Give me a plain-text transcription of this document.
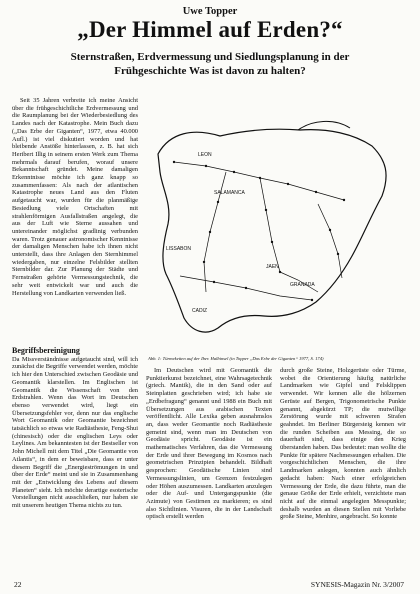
Uwe Topper
„Der Himmel auf Erden?“
Sternstraßen, Erdvermessung und Siedlungsplanung in der Frühgeschichte Was ist davon zu halten?

Seit 35 Jahren verbreite ich meine Ansicht über die frühgeschichtliche Erdvermessung und die Raumplanung bei der Wiederbesiedlung des Landes nach der Katastrophe. Mein Buch dazu („Das Erbe der Giganten“, 1977, etwa 40.000 Aufl.) ist viel diskutiert worden und hat bleibende Anstöße hinterlassen, z. B. hat sich Heribert Illig in seinem ersten Werk zum Thema mehrmals darauf berufen, worauf unsere Bekanntschaft gründet. Meine damaligen Erkenntnisse möchte ich ganz knapp so zusammenfassen: Als nach der atlantischen Katastrophe neues Land aus den Fluten aufgetaucht war, wurden für die planmäßige Besiedlung viele Ortschaften mit strahlenförmigen Ausfallstraßen angelegt, die aus der Luft wie Sterne aussahen und untereinander möglichst gradlinig verbunden waren. Trotz genauer astronomischer Kenntnisse der damaligen Menschen habe ich ihnen nicht unterstellt, dass ihre Anlagen den Sternhimmel wiedergaben, nur einzelne Felsbilder stellten Sternbilder dar. Zur Planung der Städte und Fernstraßen gehörte Vermessungstechnik, die sehr weit entwickelt war und auch die Herstellung von Landkarten verwenden ließ.

LEON
SALAMANCA
LISSABON
JAEN
GRANADA
CADIZ
Abb. 1: Türmeketten auf der Iber. Halbinsel (in Topper „Das Erbe der Giganten“ 1977, S. 174)
Begriffsbereinigung

Da Missverständnisse aufgetaucht sind, will ich zunächst die Begriffe verwendet werden, möchte ich hier den Unterschied zwischen Geodäsie und Geomantik klarstellen. Im Englischen ist Geomantik die Wissenschaft von den Erdstrahlen. Wenn das Wort im Deutschen ebenso verwendet wird, liegt ein Übersetzungsfehler vor, denn nur das englische Wort Geomantik oder Geomantie bezeichnet tatsächlich so etwas wie Radiästhesie, Feng-Shui (chinesisch) oder die englischen Leys oder Leylines. Am bekanntesten ist der Bestseller von John Michell mit dem Titel „Die Geomantie von Atlantis“, in dem er beweisbare, dass er unter diesem Begriff die „Energieströmungen in und über der Erde“ meint und sie in Zusammenhang mit der „Entwicklung des Lebens auf diesem Planeten“ sieht. Ich möchte derartige esoterische Vorstellungen nicht ausschließen, nur haben sie mit unserem heutigen Thema nichts zu tun.

Im Deutschen wird mit Geomantik die Punktierkunst bezeichnet, eine Wahrsagetechnik (griech. Mantik), die in den Sand oder auf Steinplatten geschrieben wird; ich habe sie „Erdbefragung“ genannt und 1988 ein Buch mit Übersetzungen aus arabischen Texten veröffentlicht. Alle Lexika geben ausnahmslos an, dass weder Geomantie noch Radiästhesie gemeint sind, wenn man im Deutschen von Geodäsie spricht. Geodäsie ist ein mathematisches Verfahren, das die Vermessung der Erde und ihrer Bewegung im Kosmos nach geometrischen Prinzipien behandelt. Bildhaft gesprochen: Geodätische Linien sind Vermessungslinien, um Grenzen festzulegen oder Höhen auszumessen. Landkarten anzulegen oder die Auf- und Untergangspunkte (die Azimute) von Gestirnen zu markieren; es sind also Sichtlinien. Visuren, die in der Landschaft optisch erstellt werden

durch große Steine, Holzgerüste oder Türme, wobei die Orientierung häufig natürliche Landmarken wie Gipfel und Felsklippen verwendet. Wir kennen alle die hölzernen Gerüste auf Bergen, Trigonometrische Punkte genannt, abgekürzt TP; die mutwillige Zerstörung wurde mit schweren Strafen geahndet. Im Berliner Bürgersteig kennen wir die runden Scheiben aus Messing, die so dauerhaft sind, dass einige den Krieg überstanden haben. Das bedeutet: man wollte die Punkte für spätere Nachmessungen erhalten. Die vorgeschichtlichen Menschen, die ihre Landmarken anlegen, konnten auch ähnlich gedacht haben: Nach einer erfolgreichen Vermessung der Erde, die dazu führte, man die genaue Größe der Erde erhielt, verzichtete man nicht auf die einmal angelegten Messpunkte; deshalb wurden an diesen Stellen mit Vorliebe große Steine, Menhire, angebracht. So konnte

22	SYNESIS-Magazin Nr. 3/2007
